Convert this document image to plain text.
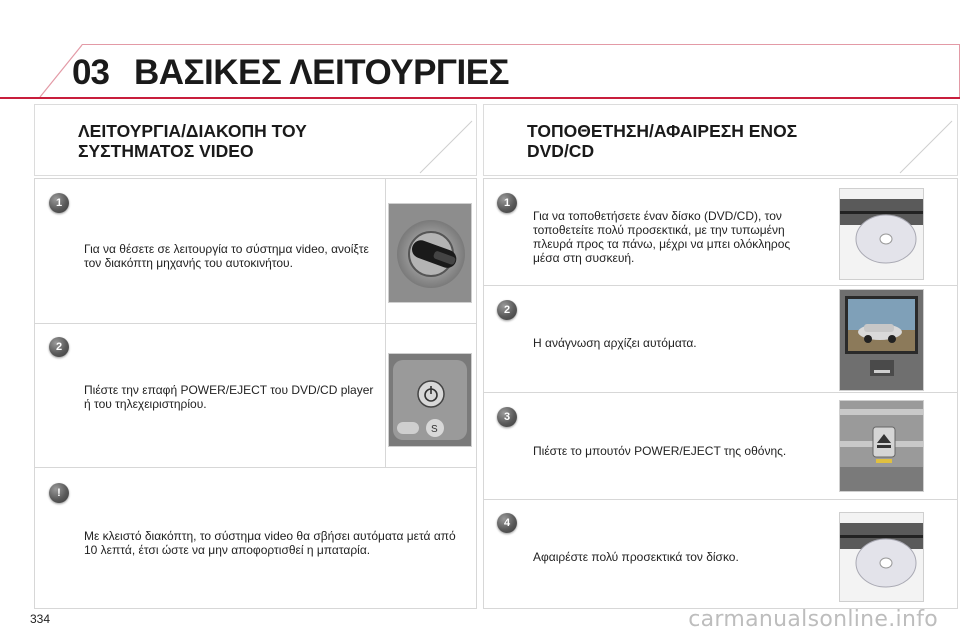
03 ΒΑΣΙΚΕΣ ΛΕΙΤΟΥΡΓΙΕΣ
ΛΕΙΤΟΥΡΓΙΑ/ΔΙΑΚΟΠΗ ΤΟΥ
ΣΥΣΤΗΜΑΤΟΣ VIDEO
1
Για να θέσετε σε λειτουργία το σύστημα video, ανοίξτε τον διακόπτη μηχανής του αυτοκινήτου.
2
Πιέστε την επαφή POWER/EJECT του DVD/CD player ή του τηλεχειριστηρίου.
S
!
Με κλειστό διακόπτη, το σύστημα video θα σβήσει αυτόματα μετά από 10 λεπτά, έτσι ώστε να μην αποφορτισθεί η μπαταρία.
ΤΟΠΟΘΕΤΗΣΗ/ΑΦΑΙΡΕΣΗ ΕΝΟΣ
DVD/CD
1
Για να τοποθετήσετε έναν δίσκο (DVD/CD), τον τοποθετείτε πολύ προσεκτικά, με την τυπωμένη πλευρά προς τα πάνω, μέχρι να μπει ολόκληρος μέσα στη συσκευή.
2
Η ανάγνωση αρχίζει αυτόματα.
3
Πιέστε το μπουτόν POWER/EJECT της οθόνης.
4
Αφαιρέστε πολύ προσεκτικά τον δίσκο.
334	carmanualsonline.info
